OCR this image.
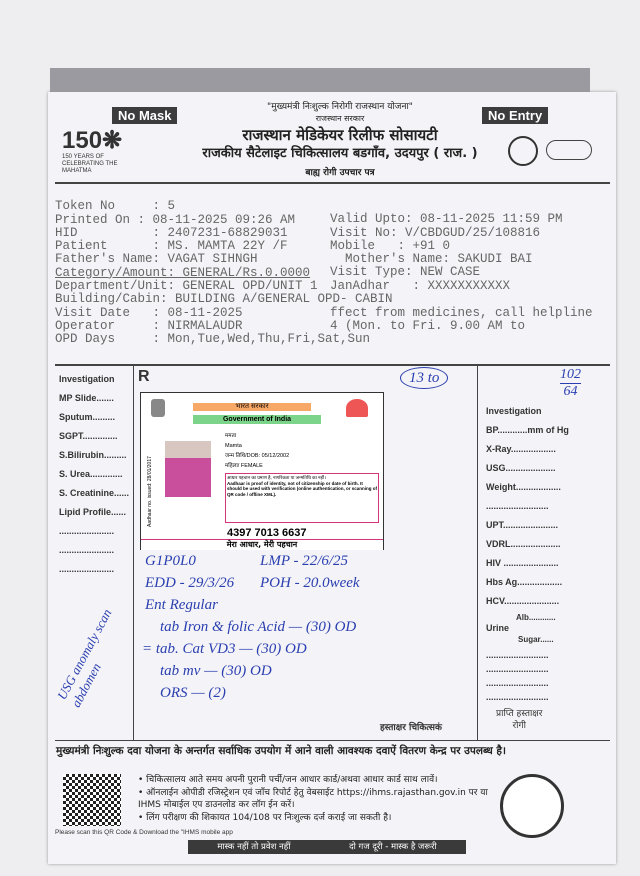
No Mask	No Entry
"मुख्यमंत्री निःशुल्क निरोगी राजस्थान योजना"
राजस्थान सरकार
राजस्थान मेडिकेयर रिलीफ सोसायटी
राजकीय सैटेलाइट चिकित्सालय बडगाँव, उदयपुर ( राज. )
बाह्य रोगी उपचार पत्र
150❋
150 YEARS OF CELEBRATING THE MAHATMA

Token No     : 5
Printed On : 08-11-2025 09:26 AM
HID          : 2407231-68829031
Patient      : MS. MAMTA 22Y /F
Father's Name: VAGAT SIHNGH
Category/Amount: GENERAL/Rs.0.0000
Department/Unit: GENERAL OPD/UNIT 1
Building/Cabin: BUILDING A/GENERAL OPD- CABIN
Visit Date   : 08-11-2025
Operator     : NIRMALAUDR
OPD Days     : Mon,Tue,Wed,Thu,Fri,Sat,Sun

Valid Upto: 08-11-2025 11:59 PM
Visit No: V/CBDGUD/25/108816
Mobile   : +91 0
Mother's Name: SAKUDI BAI
Visit Type: NEW CASE
JanAdhar   : XXXXXXXXXXX
ffect from medicines, call helpline
4 (Mon. to Fri. 9.00 AM to

R
Investigation
MP Slide.......
Sputum.........
SGPT..............
S.Bilirubin.........
S. Urea.............
S. Creatinine......
Lipid Profile......
......................
......................
......................
Investigation
BP............mm of Hg
X-Ray..................
USG....................
Weight..................
.........................
UPT......................
VDRL....................
HIV ......................
Hbs Ag..................
HCV......................
Alb............
Urine
Sugar......
.........................
.........................
.........................
.........................
प्राप्ति हस्ताक्षर
रोगी
हस्ताक्षर चिकित्सकं
भारत सरकार
Government of India
Aadhaar no. issued: 28/01/2017
ममता
Mamta
जन्म तिथि/DOB: 05/12/2002
महिला/ FEMALE
आधार पहचान का प्रमाण है, नागरिकता या जन्मतिथि का नहीं।
Aadhaar is proof of identity, not of citizenship or date of birth. It should be used with verification (online authentication, or scanning of QR code / offline XML).
4397 7013 6637
मेरा आधार, मेरी पहचान
13 to	102
64
G1P0L0	LMP - 22/6/25
EDD - 29/3/26 POH - 20.0week
Ent Regular
tab Iron & folic Acid — (30) OD
= tab. Cat VD3 — (30) OD
tab mv — (30) OD
ORS — (2)
USG anomaly scan abdomen
मुख्यमंत्री निःशुल्क दवा योजना के अन्तर्गत सर्वाधिक उपयोग में आने वाली आवश्यक दवाऐं वितरण केन्द्र पर उपलब्ध है।
• चिकित्सालय आते समय अपनी पुरानी पर्ची/जन आधार कार्ड/अथवा आधार कार्ड साथ लावें।
• ऑनलाईन ओपीडी रजिस्ट्रेशन एवं जाँच रिपोर्ट हेतु वेबसाईट https://ihms.rajasthan.gov.in पर या IHMS मोबाईल एप डाउनलोड कर लॉग ईन करें।
• लिंग परीक्षण की शिकायत 104/108 पर निःशुल्क दर्ज कराई जा सकती है।
Please scan this QR Code & Download the "IHMS mobile app
मास्क नहीं तो प्रवेश नहीं	दो गज दूरी - मास्क है जरूरी
